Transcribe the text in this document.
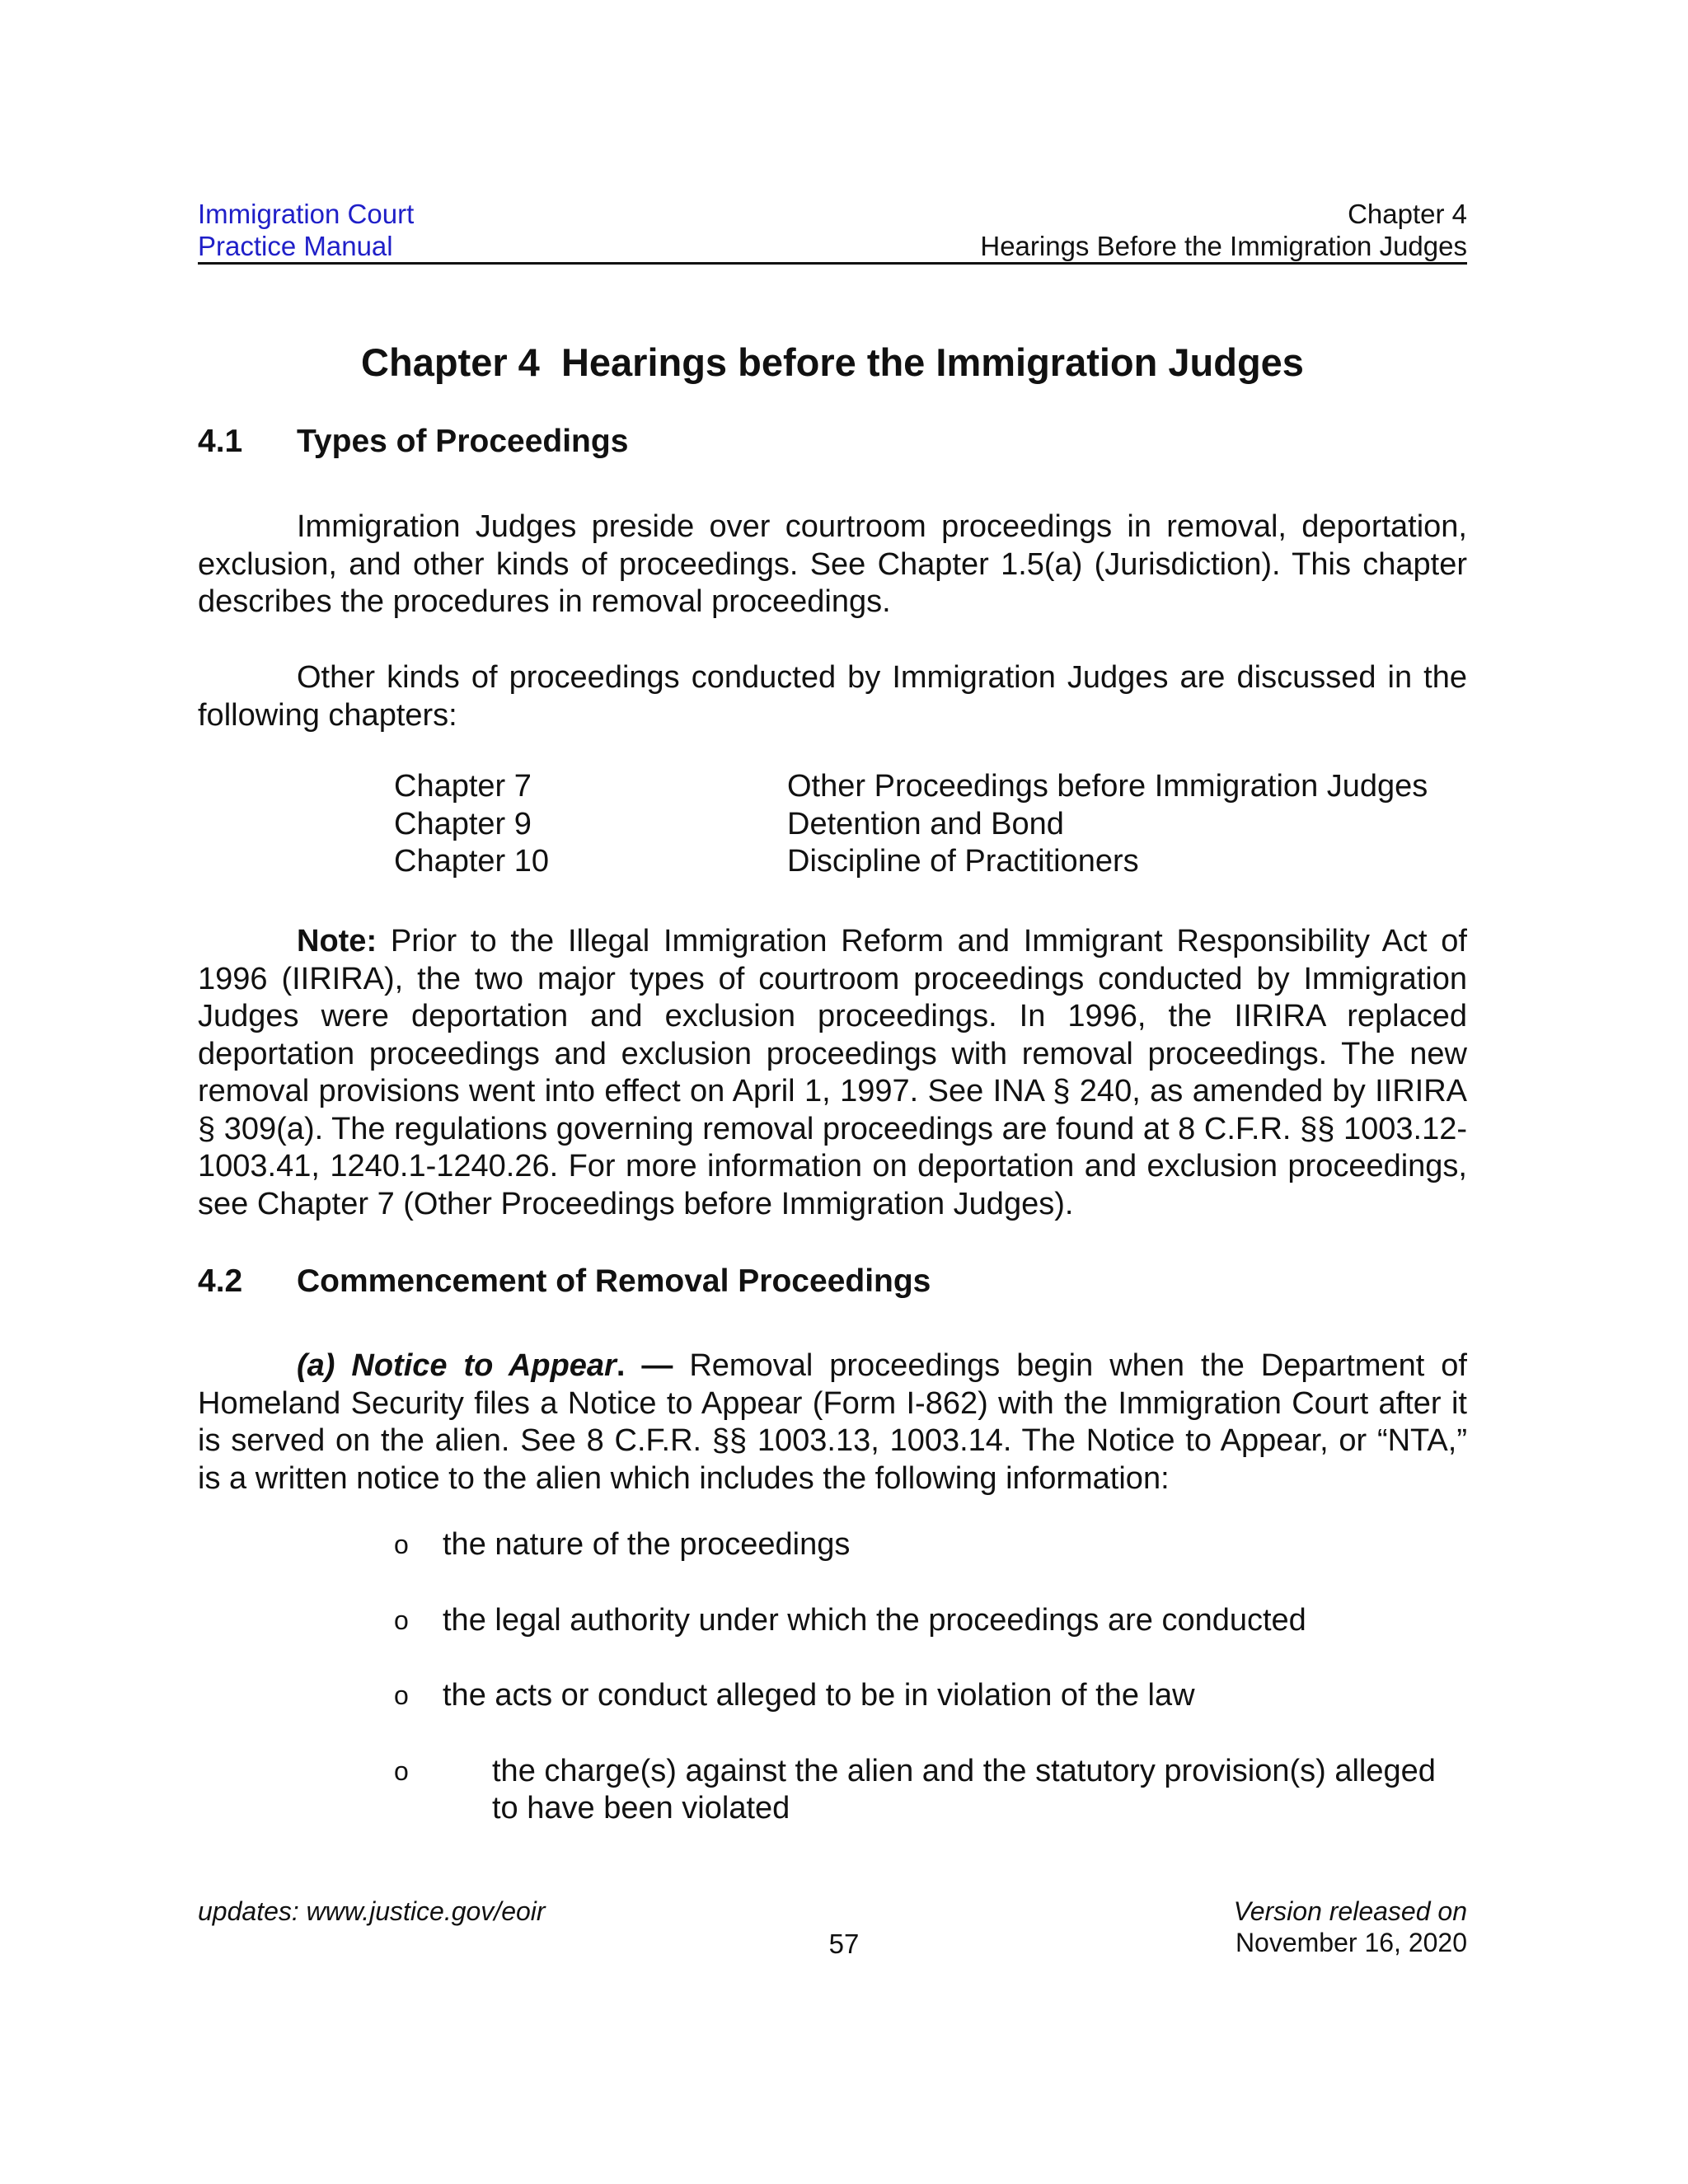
Immigration Court
Practice Manual
Chapter 4
Hearings Before the Immigration Judges
Chapter 4  Hearings before the Immigration Judges
4.1 Types of Proceedings
Immigration Judges preside over courtroom proceedings in removal, deportation, exclusion, and other kinds of proceedings. See Chapter 1.5(a) (Jurisdiction). This chapter describes the procedures in removal proceedings.
Other kinds of proceedings conducted by Immigration Judges are discussed in the following chapters:
Chapter 7	Other Proceedings before Immigration Judges
Chapter 9	Detention and Bond
Chapter 10	Discipline of Practitioners
Note: Prior to the Illegal Immigration Reform and Immigrant Responsibility Act of 1996 (IIRIRA), the two major types of courtroom proceedings conducted by Immigration Judges were deportation and exclusion proceedings. In 1996, the IIRIRA replaced deportation proceedings and exclusion proceedings with removal proceedings. The new removal provisions went into effect on April 1, 1997. See INA § 240, as amended by IIRIRA § 309(a). The regulations governing removal proceedings are found at 8 C.F.R. §§ 1003.12-1003.41, 1240.1-1240.26. For more information on deportation and exclusion proceedings, see Chapter 7 (Other Proceedings before Immigration Judges).
4.2 Commencement of Removal Proceedings
(a) Notice to Appear. — Removal proceedings begin when the Department of Homeland Security files a Notice to Appear (Form I-862) with the Immigration Court after it is served on the alien. See 8 C.F.R. §§ 1003.13, 1003.14. The Notice to Appear, or “NTA,” is a written notice to the alien which includes the following information:
o the nature of the proceedings
o the legal authority under which the proceedings are conducted
o the acts or conduct alleged to be in violation of the law
o	the charge(s) against the alien and the statutory provision(s) alleged to have been violated
updates: www.justice.gov/eoir
57
Version released on
November 16, 2020
